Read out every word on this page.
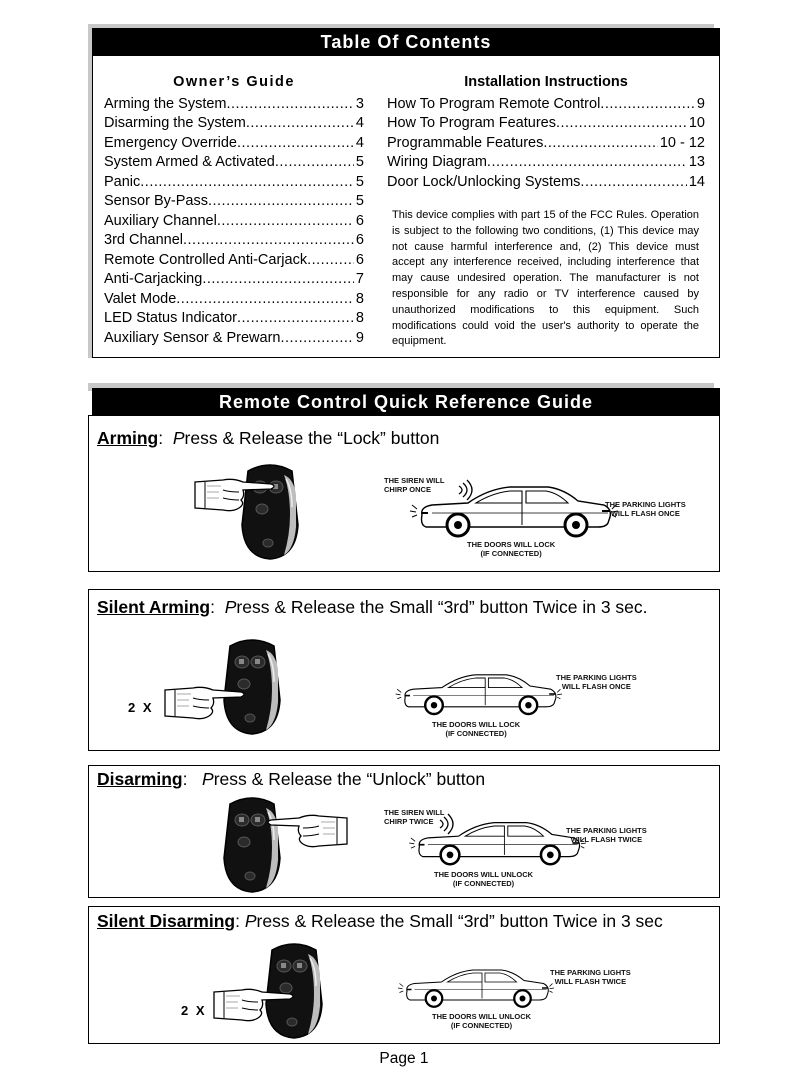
Table Of Contents
Owner’s Guide
Arming the System .....	3
Disarming the System .....	4
Emergency Override .....	4
System Armed & Activated .....	5
Panic .....	5
Sensor By-Pass .....	5
Auxiliary Channel .....	6
3rd Channel .....	6
Remote Controlled Anti-Carjack .....	6
Anti-Carjacking .....	7
Valet Mode .....	8
LED Status Indicator .....	8
Auxiliary Sensor & Prewarn .....	9
Installation Instructions
How To Program Remote Control .....	9
How To Program Features .....	10
Programmable Features .....	10 - 12
Wiring Diagram .....	13
Door Lock/Unlocking Systems .....	14
This device complies with part 15 of the FCC Rules. Operation is subject to the following two conditions, (1) This device may not cause harmful interference and, (2) This device must accept any interference received, including interference that may cause undesired operation. The manufacturer is not responsible for any radio or TV interference caused by unauthorized modifications to this equipment. Such modifications could void the user's authority to operate the equipment.
Remote Control Quick Reference Guide
Arming: Press & Release the “Lock” button
Silent Arming: Press & Release the Small “3rd” button Twice in 3 sec.
2 X
Disarming: Press & Release the “Unlock” button
Silent Disarming: Press & Release the Small “3rd” button Twice in 3 sec
2 X
THE SIREN WILL
CHIRP ONCE
THE PARKING LIGHTS
WILL FLASH ONCE
THE DOORS WILL LOCK
(IF CONNECTED)
THE PARKING LIGHTS
WILL FLASH ONCE
THE DOORS WILL LOCK
(IF CONNECTED)
THE SIREN WILL
CHIRP TWICE
THE PARKING LIGHTS
WILL FLASH TWICE
THE DOORS WILL UNLOCK
(IF CONNECTED)
THE PARKING LIGHTS
WILL FLASH TWICE
THE DOORS WILL UNLOCK
(IF CONNECTED)
Page 1
